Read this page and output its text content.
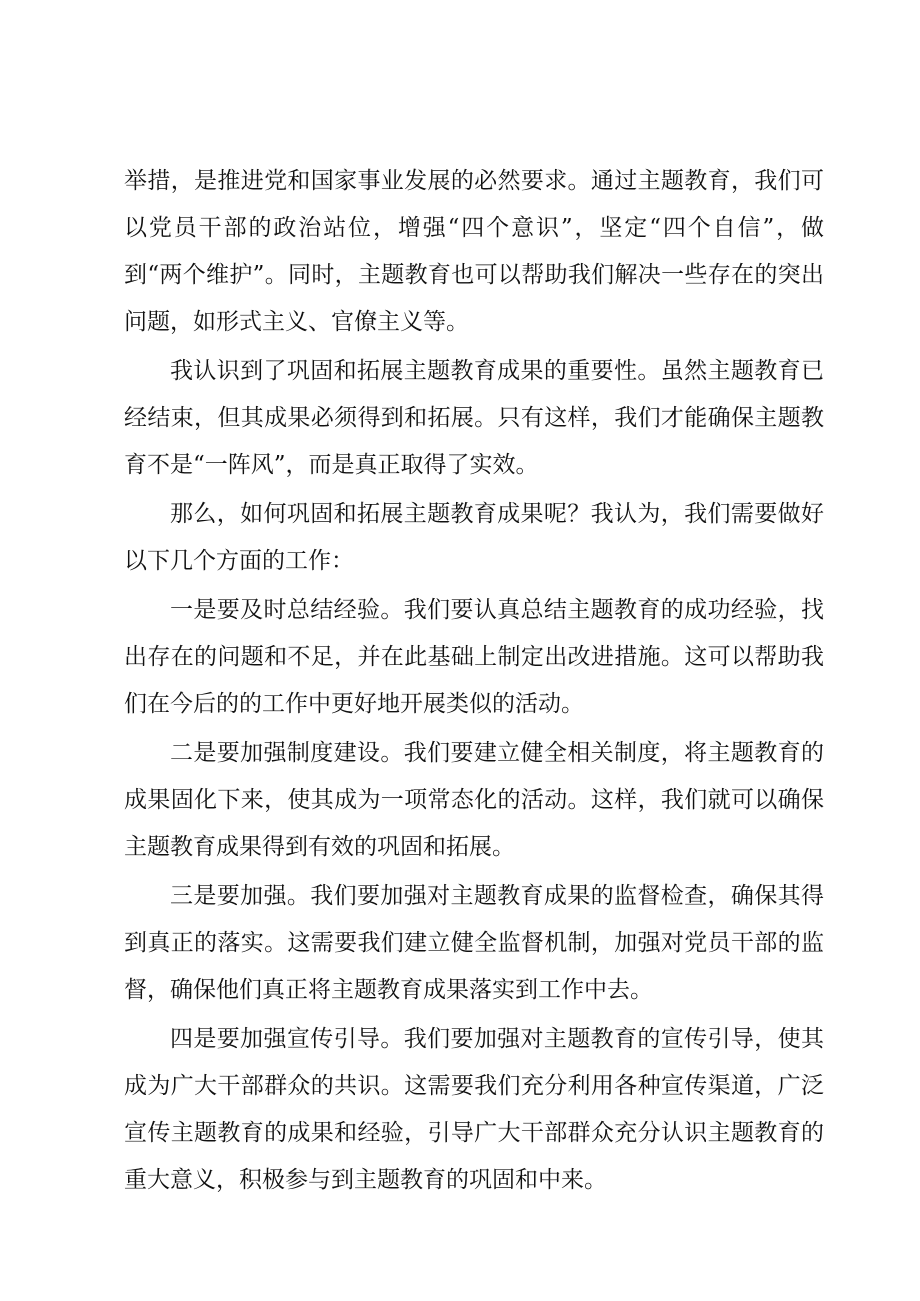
举措，是推进党和国家事业发展的必然要求。通过主题教育，我们可以党员干部的政治站位，增强“四个意识”，坚定“四个自信”，做到“两个维护”。同时，主题教育也可以帮助我们解决一些存在的突出问题，如形式主义、官僚主义等。

我认识到了巩固和拓展主题教育成果的重要性。虽然主题教育已经结束，但其成果必须得到和拓展。只有这样，我们才能确保主题教育不是“一阵风”，而是真正取得了实效。

那么，如何巩固和拓展主题教育成果呢？我认为，我们需要做好以下几个方面的工作：

一是要及时总结经验。我们要认真总结主题教育的成功经验，找出存在的问题和不足，并在此基础上制定出改进措施。这可以帮助我们在今后的的工作中更好地开展类似的活动。

二是要加强制度建设。我们要建立健全相关制度，将主题教育的成果固化下来，使其成为一项常态化的活动。这样，我们就可以确保主题教育成果得到有效的巩固和拓展。

三是要加强。我们要加强对主题教育成果的监督检查，确保其得到真正的落实。这需要我们建立健全监督机制，加强对党员干部的监督，确保他们真正将主题教育成果落实到工作中去。

四是要加强宣传引导。我们要加强对主题教育的宣传引导，使其成为广大干部群众的共识。这需要我们充分利用各种宣传渠道，广泛宣传主题教育的成果和经验，引导广大干部群众充分认识主题教育的重大意义，积极参与到主题教育的巩固和中来。
